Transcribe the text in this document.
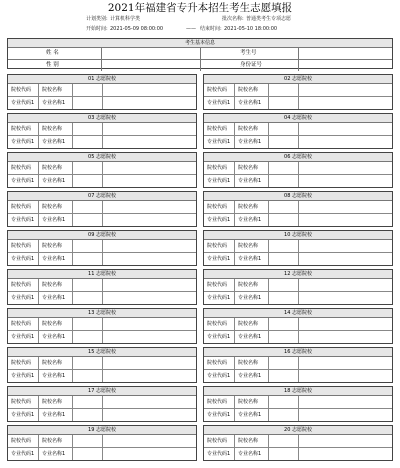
2021年福建省专升本招生考生志愿填报
计划类别: 计算机科学类	批次名称: 普通类考生专项志愿
开始时间: 2021-05-09 08:00:00	—— 结束时间: 2021-05-10 18:00:00
考生基本信息
姓 名	考生号
性 别	身份证号
01 志愿院校
院校代码 院校名称
专业代码1 专业名称1
02 志愿院校
院校代码 院校名称
专业代码1 专业名称1
03 志愿院校
院校代码 院校名称
专业代码1 专业名称1
04 志愿院校
院校代码 院校名称
专业代码1 专业名称1
05 志愿院校
院校代码 院校名称
专业代码1 专业名称1
06 志愿院校
院校代码 院校名称
专业代码1 专业名称1
07 志愿院校
院校代码 院校名称
专业代码1 专业名称1
08 志愿院校
院校代码 院校名称
专业代码1 专业名称1
09 志愿院校
院校代码 院校名称
专业代码1 专业名称1
10 志愿院校
院校代码 院校名称
专业代码1 专业名称1
11 志愿院校
院校代码 院校名称
专业代码1 专业名称1
12 志愿院校
院校代码 院校名称
专业代码1 专业名称1
13 志愿院校
院校代码 院校名称
专业代码1 专业名称1
14 志愿院校
院校代码 院校名称
专业代码1 专业名称1
15 志愿院校
院校代码 院校名称
专业代码1 专业名称1
16 志愿院校
院校代码 院校名称
专业代码1 专业名称1
17 志愿院校
院校代码 院校名称
专业代码1 专业名称1
18 志愿院校
院校代码 院校名称
专业代码1 专业名称1
19 志愿院校
院校代码 院校名称
专业代码1 专业名称1
20 志愿院校
院校代码 院校名称
专业代码1 专业名称1
